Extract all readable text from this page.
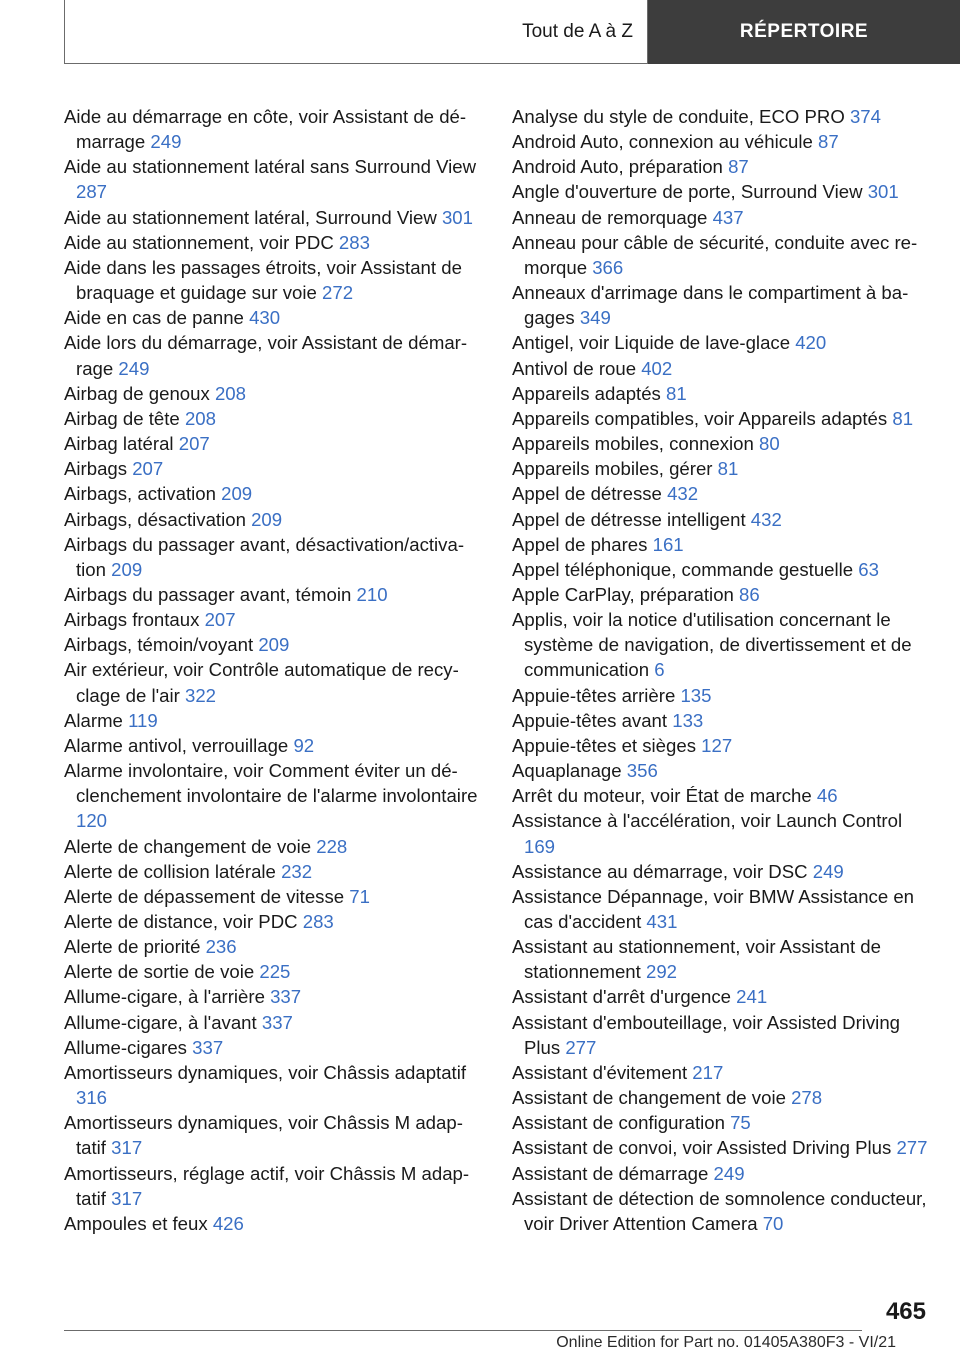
Tout de A à Z	RÉPERTOIRE
Aide au démarrage en côte, voir Assistant de démarrage 249
Aide au stationnement latéral sans Surround View 287
Aide au stationnement latéral, Surround View 301
Aide au stationnement, voir PDC 283
Aide dans les passages étroits, voir Assistant de braquage et guidage sur voie 272
Aide en cas de panne 430
Aide lors du démarrage, voir Assistant de démarrage 249
Airbag de genoux 208
Airbag de tête 208
Airbag latéral 207
Airbags 207
Airbags, activation 209
Airbags, désactivation 209
Airbags du passager avant, désactivation/activation 209
Airbags du passager avant, témoin 210
Airbags frontaux 207
Airbags, témoin/voyant 209
Air extérieur, voir Contrôle automatique de recyclage de l'air 322
Alarme 119
Alarme antivol, verrouillage 92
Alarme involontaire, voir Comment éviter un déclenchement involontaire de l'alarme involontaire 120
Alerte de changement de voie 228
Alerte de collision latérale 232
Alerte de dépassement de vitesse 71
Alerte de distance, voir PDC 283
Alerte de priorité 236
Alerte de sortie de voie 225
Allume-cigare, à l'arrière 337
Allume-cigare, à l'avant 337
Allume-cigares 337
Amortisseurs dynamiques, voir Châssis adaptatif 316
Amortisseurs dynamiques, voir Châssis M adaptatif 317
Amortisseurs, réglage actif, voir Châssis M adaptatif 317
Ampoules et feux 426
Analyse du style de conduite, ECO PRO 374
Android Auto, connexion au véhicule 87
Android Auto, préparation 87
Angle d'ouverture de porte, Surround View 301
Anneau de remorquage 437
Anneau pour câble de sécurité, conduite avec remorque 366
Anneaux d'arrimage dans le compartiment à bagages 349
Antigel, voir Liquide de lave-glace 420
Antivol de roue 402
Appareils adaptés 81
Appareils compatibles, voir Appareils adaptés 81
Appareils mobiles, connexion 80
Appareils mobiles, gérer 81
Appel de détresse 432
Appel de détresse intelligent 432
Appel de phares 161
Appel téléphonique, commande gestuelle 63
Apple CarPlay, préparation 86
Applis, voir la notice d'utilisation concernant le système de navigation, de divertissement et de communication 6
Appuie-têtes arrière 135
Appuie-têtes avant 133
Appuie-têtes et sièges 127
Aquaplanage 356
Arrêt du moteur, voir État de marche 46
Assistance à l'accélération, voir Launch Control 169
Assistance au démarrage, voir DSC 249
Assistance Dépannage, voir BMW Assistance en cas d'accident 431
Assistant au stationnement, voir Assistant de stationnement 292
Assistant d'arrêt d'urgence 241
Assistant d'embouteillage, voir Assisted Driving Plus 277
Assistant d'évitement 217
Assistant de changement de voie 278
Assistant de configuration 75
Assistant de convoi, voir Assisted Driving Plus 277
Assistant de démarrage 249
Assistant de détection de somnolence conducteur, voir Driver Attention Camera 70
465
Online Edition for Part no. 01405A380F3 - VI/21
